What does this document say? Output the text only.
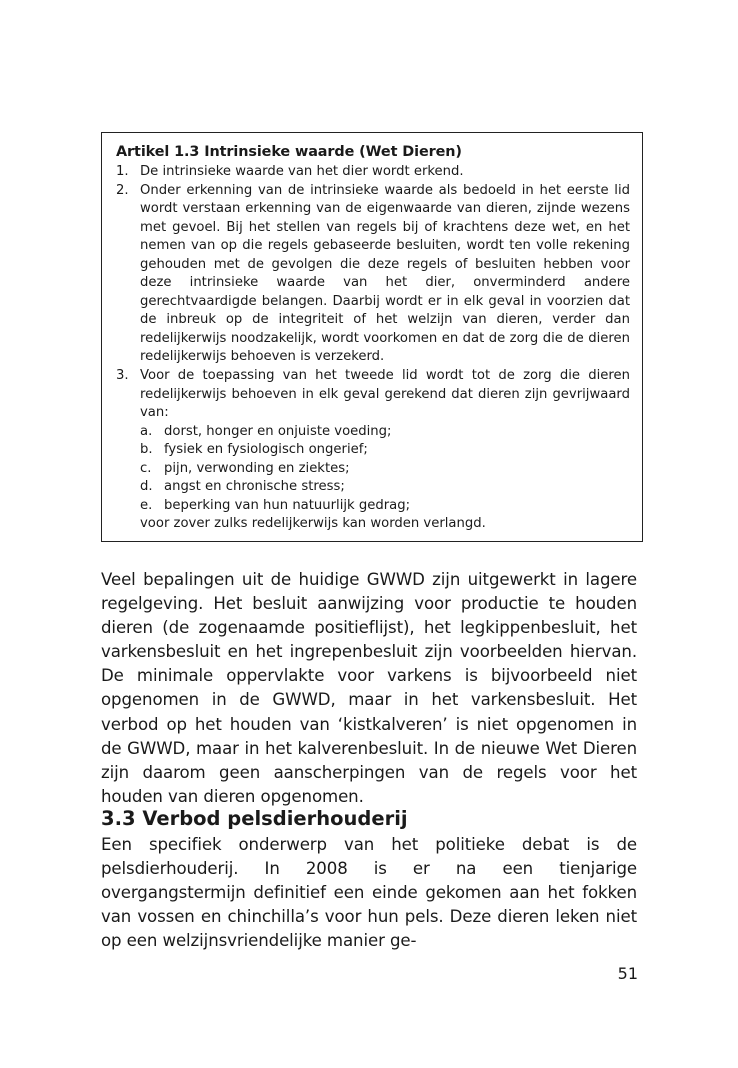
Artikel 1.3 Intrinsieke waarde (Wet Dieren)
1. De intrinsieke waarde van het dier wordt erkend.
2. Onder erkenning van de intrinsieke waarde als bedoeld in het eerste lid wordt verstaan erkenning van de eigenwaarde van dieren, zijnde wezens met gevoel. Bij het stellen van regels bij of krachtens deze wet, en het nemen van op die regels gebaseerde besluiten, wordt ten volle rekening gehouden met de gevolgen die deze regels of besluiten hebben voor deze intrinsieke waarde van het dier, onverminderd andere gerechtvaardigde belangen. Daarbij wordt er in elk geval in voorzien dat de inbreuk op de integriteit of het welzijn van dieren, verder dan redelijkerwijs noodzakelijk, wordt voorkomen en dat de zorg die de dieren redelijkerwijs behoeven is verzekerd.
3. Voor de toepassing van het tweede lid wordt tot de zorg die dieren redelijkerwijs behoeven in elk geval gerekend dat dieren zijn gevrijwaard van:
a. dorst, honger en onjuiste voeding;
b. fysiek en fysiologisch ongerief;
c. pijn, verwonding en ziektes;
d. angst en chronische stress;
e. beperking van hun natuurlijk gedrag;
voor zover zulks redelijkerwijs kan worden verlangd.

Veel bepalingen uit de huidige GWWD zijn uitgewerkt in lagere regelgeving. Het besluit aanwijzing voor productie te houden dieren (de zogenaamde positieflijst), het legkippenbesluit, het varkensbesluit en het ingrepenbesluit zijn voorbeelden hiervan. De minimale oppervlakte voor varkens is bijvoorbeeld niet opgenomen in de GWWD, maar in het varkensbesluit. Het verbod op het houden van ‘kistkalveren’ is niet opgenomen in de GWWD, maar in het kalverenbesluit. In de nieuwe Wet Dieren zijn daarom geen aanscherpingen van de regels voor het houden van dieren opgenomen.

3.3 Verbod pelsdierhouderij

Een specifiek onderwerp van het politieke debat is de pelsdierhouderij. In 2008 is er na een tienjarige overgangstermijn definitief een einde gekomen aan het fokken van vossen en chinchilla’s voor hun pels. Deze dieren leken niet op een welzijnsvriendelijke manier ge-

51
